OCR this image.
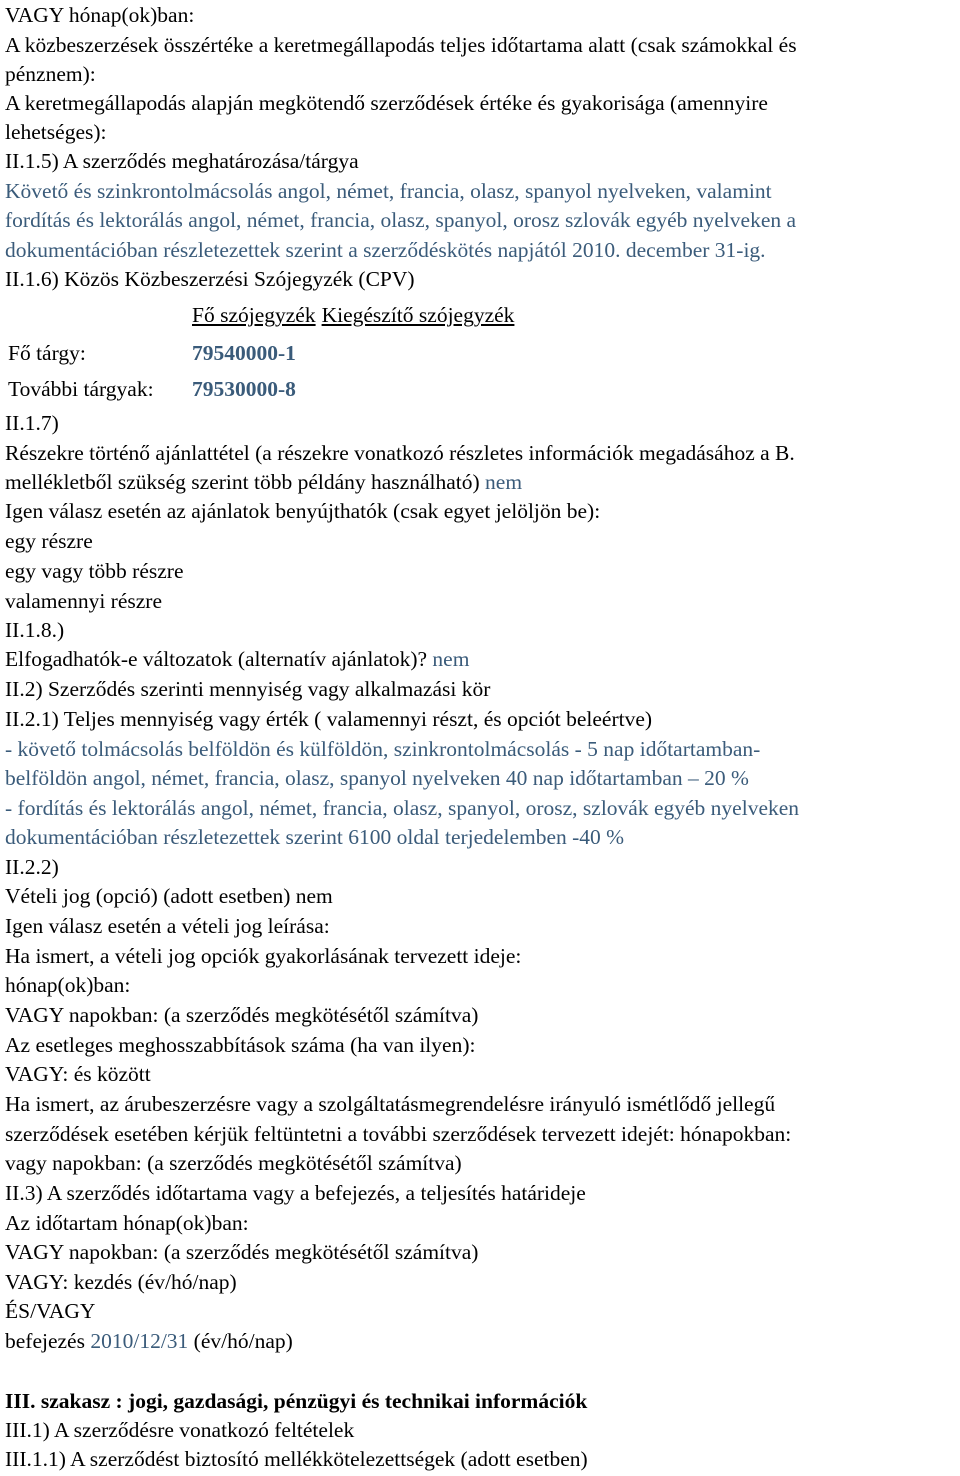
VAGY hónap(ok)ban:
A közbeszerzések összértéke a keretmegállapodás teljes időtartama alatt (csak számokkal és
pénznem):
A keretmegállapodás alapján megkötendő szerződések értéke és gyakorisága (amennyire
lehetséges):
II.1.5) A szerződés meghatározása/tárgya
Követő és szinkrontolmácsolás angol, német, francia, olasz, spanyol nyelveken, valamint
fordítás és lektorálás angol, német, francia, olasz, spanyol, orosz szlovák egyéb nyelveken a
dokumentációban részletezettek szerint a szerződéskötés napjától 2010. december 31-ig.
II.1.6) Közös Közbeszerzési Szójegyzék (CPV)
Fő szójegyzék Kiegészítő szójegyzék
Fő tárgy:	79540000-1
További tárgyak: 79530000-8
II.1.7)
Részekre történő ajánlattétel (a részekre vonatkozó részletes információk megadásához a B.
mellékletből szükség szerint több példány használható) nem
Igen válasz esetén az ajánlatok benyújthatók (csak egyet jelöljön be):
egy részre
egy vagy több részre
valamennyi részre
II.1.8.)
Elfogadhatók-e változatok (alternatív ajánlatok)? nem
II.2) Szerződés szerinti mennyiség vagy alkalmazási kör
II.2.1) Teljes mennyiség vagy érték ( valamennyi részt, és opciót beleértve)
- követő tolmácsolás belföldön és külföldön, szinkrontolmácsolás - 5 nap időtartamban-
belföldön angol, német, francia, olasz, spanyol nyelveken 40 nap időtartamban – 20 %
- fordítás és lektorálás angol, német, francia, olasz, spanyol, orosz, szlovák egyéb nyelveken
dokumentációban részletezettek szerint 6100 oldal terjedelemben -40 %
II.2.2)
Vételi jog (opció) (adott esetben) nem
Igen válasz esetén a vételi jog leírása:
Ha ismert, a vételi jog opciók gyakorlásának tervezett ideje:
hónap(ok)ban:
VAGY napokban: (a szerződés megkötésétől számítva)
Az esetleges meghosszabbítások száma (ha van ilyen):
VAGY: és között
Ha ismert, az árubeszerzésre vagy a szolgáltatásmegrendelésre irányuló ismétlődő jellegű
szerződések esetében kérjük feltüntetni a további szerződések tervezett idejét: hónapokban:
vagy napokban: (a szerződés megkötésétől számítva)
II.3) A szerződés időtartama vagy a befejezés, a teljesítés határideje
Az időtartam hónap(ok)ban:
VAGY napokban: (a szerződés megkötésétől számítva)
VAGY: kezdés (év/hó/nap)
ÉS/VAGY
befejezés 2010/12/31 (év/hó/nap)
III. szakasz : jogi, gazdasági, pénzügyi és technikai információk
III.1) A szerződésre vonatkozó feltételek
III.1.1) A szerződést biztosító mellékkötelezettségek (adott esetben)
